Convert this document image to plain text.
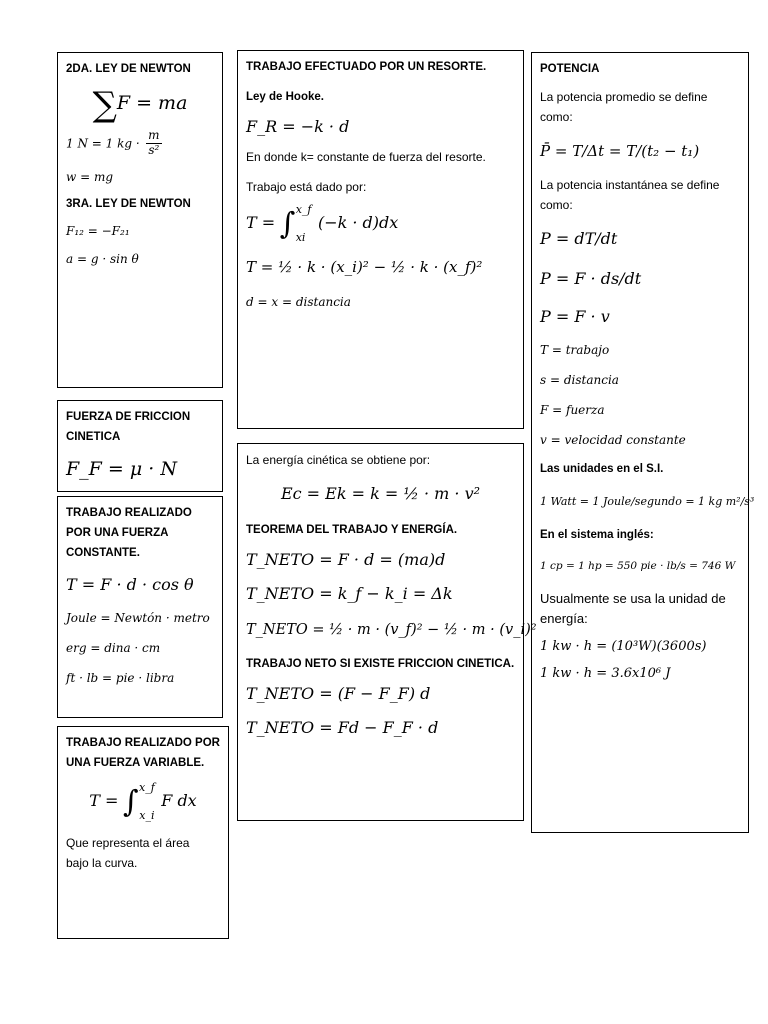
2DA. LEY DE NEWTON
∑F = ma
1 N = 1 kg · $\frac{m}{\text{s²}}$
w = mg
3RA. LEY DE NEWTON
F₁₂ = −F₂₁
a = g · sin θ
FUERZA DE FRICCION CINETICA
F_F = μ · N
TRABAJO REALIZADO POR UNA FUERZA CONSTANTE.
T = F · d · cos θ
Joule = Newtón · metro
erg = dina · cm
ft · lb = pie · libra
TRABAJO REALIZADO POR UNA FUERZA VARIABLE.
T = ∫ x_f
x_i
F dx
Que representa el área bajo la curva.
TRABAJO EFECTUADO POR UN RESORTE.
Ley de Hooke.
F_R = −k · d
En donde k= constante de fuerza del resorte.
Trabajo está dado por:
T = ∫ x_f
xi
(−k · d)dx
T = ½ · k · (x_i)² − ½ · k · (x_f)²
d = x = distancia
La energía cinética se obtiene por:
Ec = Ek = k = ½ · m · v²
TEOREMA DEL TRABAJO Y ENERGÍA.
T_NETO = F · d = (ma)d
T_NETO = k_f − k_i = Δk
T_NETO = ½ · m · (v_f)² − ½ · m · (v_i)²
TRABAJO NETO SI EXISTE FRICCION CINETICA.
T_NETO = (F − F_F) d
T_NETO = Fd − F_F · d
POTENCIA
La potencia promedio se define como:
P̄ = T/Δt = T/(t₂ − t₁)
La potencia instantánea se define como:
P = dT/dt
P = F · ds/dt
P = F · v
T = trabajo
s = distancia
F = fuerza
v = velocidad constante
Las unidades en el S.I.
1 Watt = 1 Joule/segundo = 1 kg m²/s³
En el sistema inglés:
1 cp = 1 hp = 550 pie · lb/s = 746 W
Usualmente se usa la unidad de energía:
1 kw · h = (10³W)(3600s)
1 kw · h = 3.6x10⁶ J
